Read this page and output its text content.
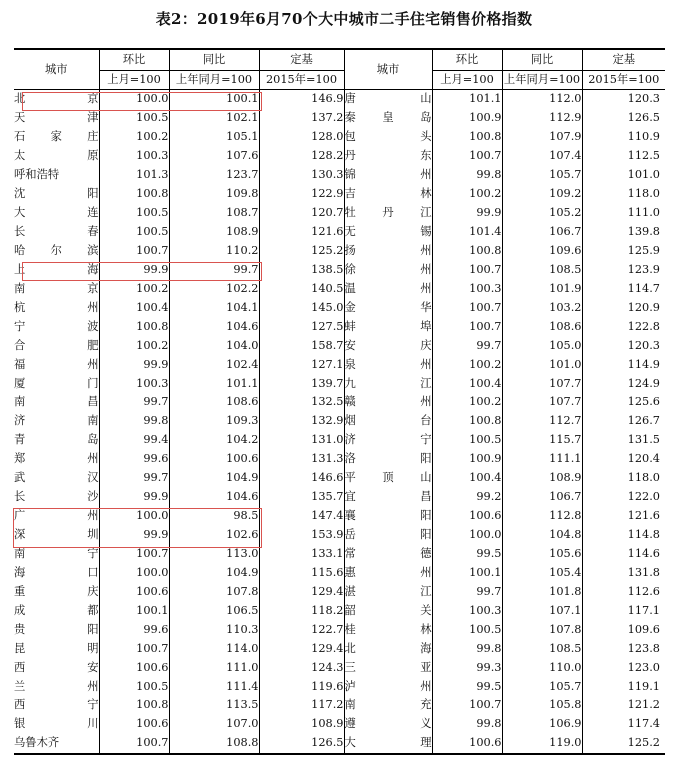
表2：2019年6月70个大中城市二手住宅销售价格指数
城市	环比	同比	定基	城市	环比	同比	定基
	上月=100	上年同月=100	2015年=100		上月=100	上年同月=100	2015年=100

北京	100.0	100.1	146.9	唐山	101.1	112.0	120.3

天津	100.5	102.1	137.2	秦皇岛	100.9	112.9	126.5

石家庄	100.2	105.1	128.0	包头	100.8	107.9	110.9

太原	100.3	107.6	128.2	丹东	100.7	107.4	112.5

呼和浩特	101.3	123.7	130.3	锦州	99.8	105.7	101.0

沈阳	100.8	109.8	122.9	吉林	100.2	109.2	118.0

大连	100.5	108.7	120.7	牡丹江	99.9	105.2	111.0

长春	100.5	108.9	121.6	无锡	101.4	106.7	139.8

哈尔滨	100.7	110.2	125.2	扬州	100.8	109.6	125.9

上海	99.9	99.7	138.5	徐州	100.7	108.5	123.9

南京	100.2	102.2	140.5	温州	100.3	101.9	114.7

杭州	100.4	104.1	145.0	金华	100.7	103.2	120.9

宁波	100.8	104.6	127.5	蚌埠	100.7	108.6	122.8

合肥	100.2	104.0	158.7	安庆	99.7	105.0	120.3

福州	99.9	102.4	127.1	泉州	100.2	101.0	114.9

厦门	100.3	101.1	139.7	九江	100.4	107.7	124.9

南昌	99.7	108.6	132.5	赣州	100.2	107.7	125.6

济南	99.8	109.3	132.9	烟台	100.8	112.7	126.7

青岛	99.4	104.2	131.0	济宁	100.5	115.7	131.5

郑州	99.6	100.6	131.3	洛阳	100.9	111.1	120.4

武汉	99.7	104.9	146.6	平顶山	100.4	108.9	118.0

长沙	99.9	104.6	135.7	宜昌	99.2	106.7	122.0

广州	100.0	98.5	147.4	襄阳	100.6	112.8	121.6

深圳	99.9	102.6	153.9	岳阳	100.0	104.8	114.8

南宁	100.7	113.0	133.1	常德	99.5	105.6	114.6

海口	100.0	104.9	115.6	惠州	100.1	105.4	131.8

重庆	100.6	107.8	129.4	湛江	99.7	101.8	112.6

成都	100.1	106.5	118.2	韶关	100.3	107.1	117.1

贵阳	99.6	110.3	122.7	桂林	100.5	107.8	109.6

昆明	100.7	114.0	129.4	北海	99.8	108.5	123.8

西安	100.6	111.0	124.3	三亚	99.3	110.0	123.0

兰州	100.5	111.4	119.6	泸州	99.5	105.7	119.1

西宁	100.8	113.5	117.2	南充	100.7	105.8	121.2

银川	100.6	107.0	108.9	遵义	99.8	106.9	117.4

乌鲁木齐	100.7	108.8	126.5	大理	100.6	119.0	125.2
